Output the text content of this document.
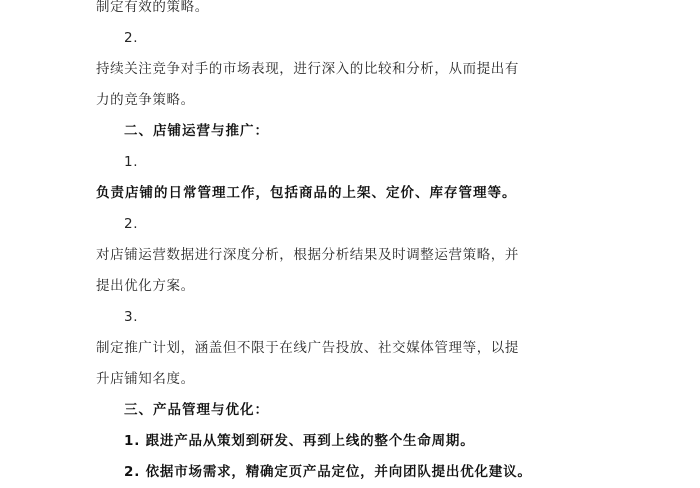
制定有效的策略。

2.

持续关注竞争对手的市场表现，进行深入的比较和分析，从而提出有

力的竞争策略。

二、店铺运营与推广：

1.

负责店铺的日常管理工作，包括商品的上架、定价、库存管理等。

2.

对店铺运营数据进行深度分析，根据分析结果及时调整运营策略，并

提出优化方案。

3.

制定推广计划，涵盖但不限于在线广告投放、社交媒体管理等，以提

升店铺知名度。

三、产品管理与优化：

1. 跟进产品从策划到研发、再到上线的整个生命周期。

2. 依据市场需求，精确定页产品定位，并向团队提出优化建议。
